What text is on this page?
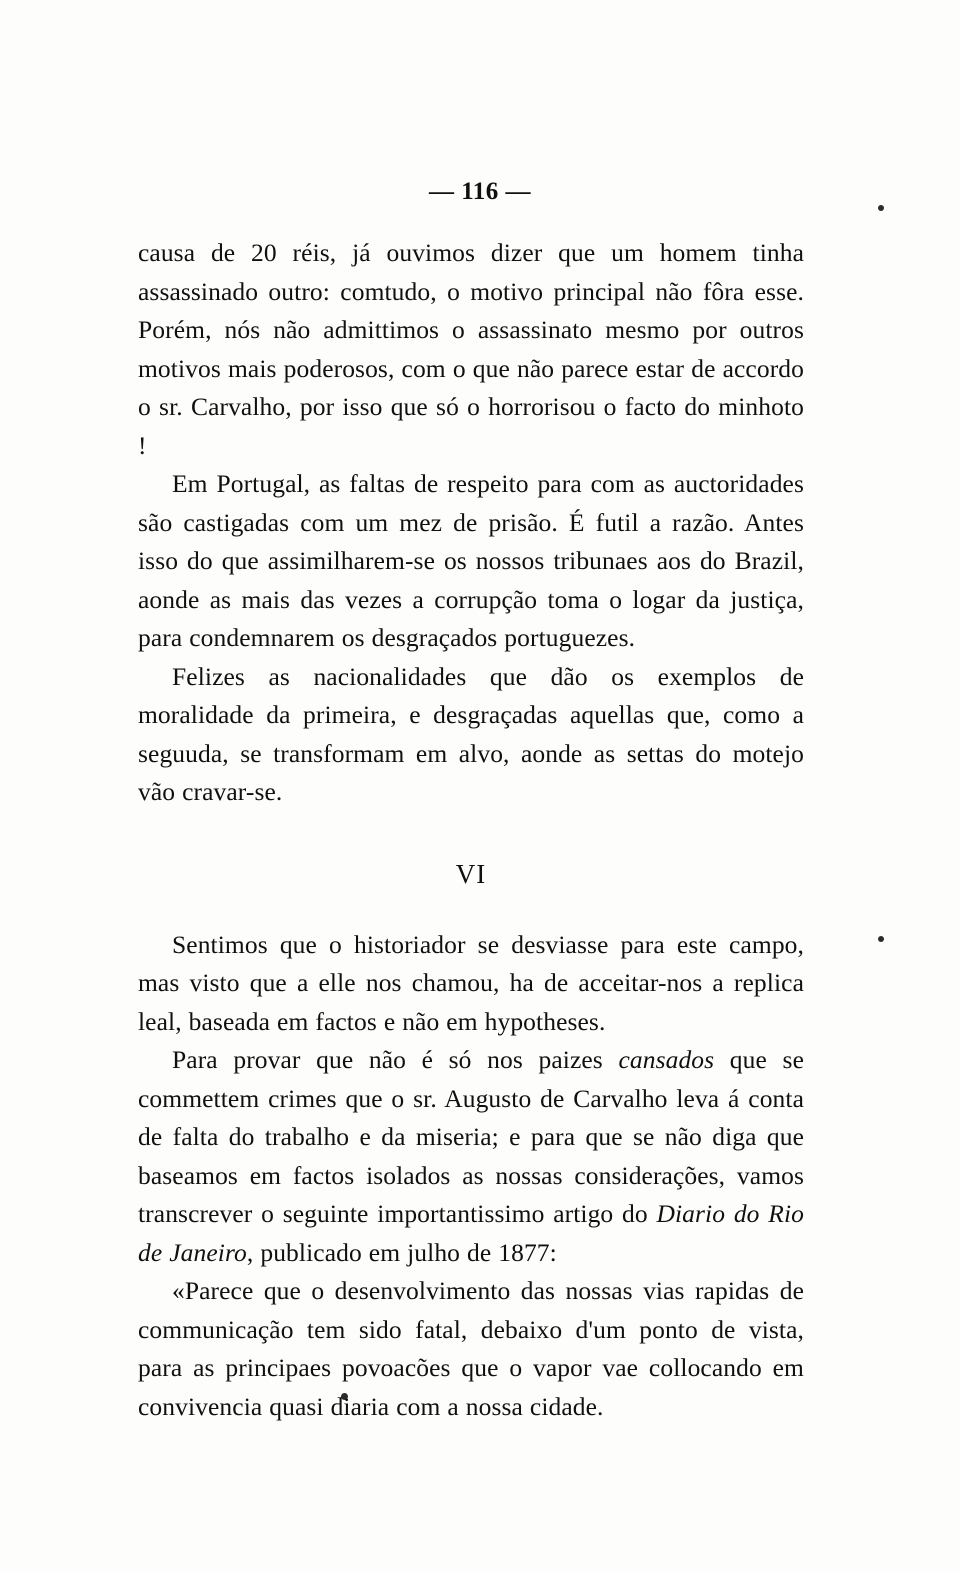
— 116 —

causa de 20 réis, já ouvimos dizer que um homem tinha assassinado outro: comtudo, o motivo principal não fôra esse. Porém, nós não admittimos o assassinato mesmo por outros motivos mais poderosos, com o que não parece estar de accordo o sr. Carvalho, por isso que só o horrorisou o facto do minhoto !

Em Portugal, as faltas de respeito para com as auctoridades são castigadas com um mez de prisão. É futil a razão. Antes isso do que assimilharem-se os nossos tribunaes aos do Brazil, aonde as mais das vezes a corrupção toma o logar da justiça, para condemnarem os desgraçados portuguezes.

Felizes as nacionalidades que dão os exemplos de moralidade da primeira, e desgraçadas aquellas que, como a seguuda, se transformam em alvo, aonde as settas do motejo vão cravar-se.

VI

Sentimos que o historiador se desviasse para este campo, mas visto que a elle nos chamou, ha de acceitar-nos a replica leal, baseada em factos e não em hypotheses.

Para provar que não é só nos paizes cansados que se commettem crimes que o sr. Augusto de Carvalho leva á conta de falta do trabalho e da miseria; e para que se não diga que baseamos em factos isolados as nossas considerações, vamos transcrever o seguinte importantissimo artigo do Diario do Rio de Janeiro, publicado em julho de 1877:

«Parece que o desenvolvimento das nossas vias rapidas de communicação tem sido fatal, debaixo d'um ponto de vista, para as principaes povoacões que o vapor vae collocando em convivencia quasi diaria com a nossa cidade.
